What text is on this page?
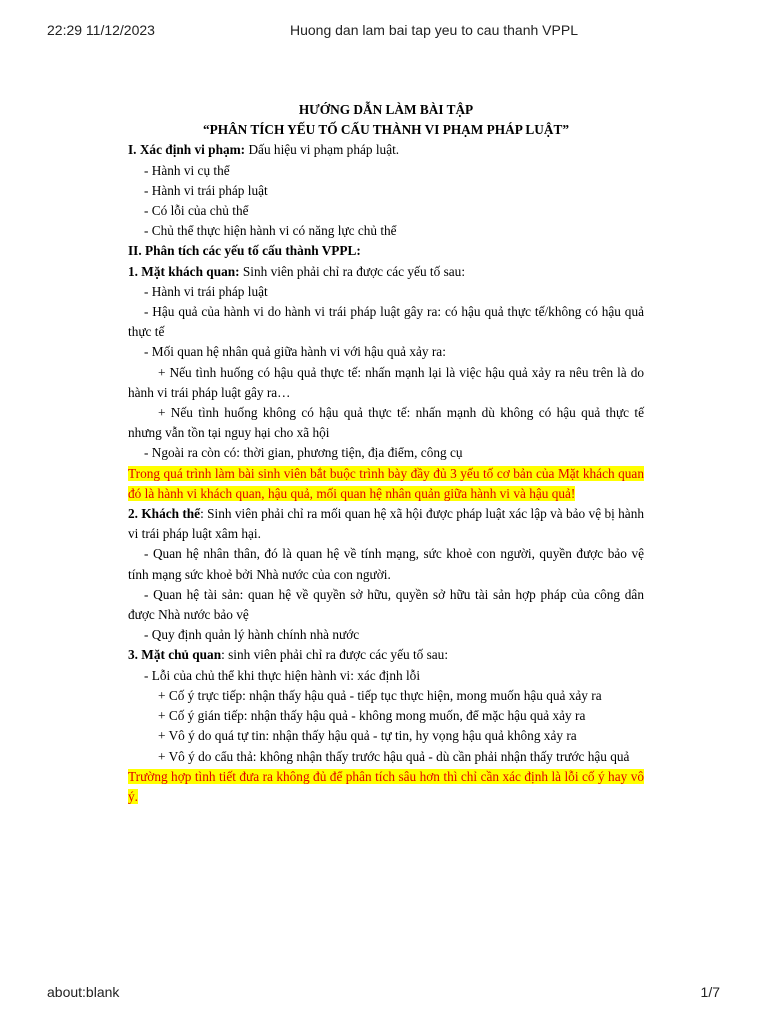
22:29 11/12/2023	Huong dan lam bai tap yeu to cau thanh VPPL
HƯỚNG DẪN LÀM BÀI TẬP
“PHÂN TÍCH YẾU TỐ CẤU THÀNH VI PHẠM PHÁP LUẬT”

I. Xác định vi phạm: Dấu hiệu vi phạm pháp luật.

- Hành vi cụ thể

- Hành vi trái pháp luật

- Có lỗi của chủ thể

- Chủ thể thực hiện hành vi có năng lực chủ thể

II. Phân tích các yếu tố cấu thành VPPL:

1. Mặt khách quan: Sinh viên phải chỉ ra được các yếu tố sau:

- Hành vi trái pháp luật

- Hậu quả của hành vi do hành vi trái pháp luật gây ra: có hậu quả thực tế/không có hậu quả thực tế

- Mối quan hệ nhân quả giữa hành vi với hậu quả xảy ra:

+ Nếu tình huống có hậu quả thực tế: nhấn mạnh lại là việc hậu quả xảy ra nêu trên là do hành vi trái pháp luật gây ra…

+ Nếu tình huống không có hậu quả thực tế: nhấn mạnh dù không có hậu quả thực tế nhưng vẫn tồn tại nguy hại cho xã hội

- Ngoài ra còn có: thời gian, phương tiện, địa điểm, công cụ

Trong quá trình làm bài sinh viên bắt buộc trình bày đầy đủ 3 yếu tố cơ bản của Mặt khách quan đó là hành vi khách quan, hậu quả, mối quan hệ nhân quản giữa hành vi và hậu quả!

2. Khách thể: Sinh viên phải chỉ ra mối quan hệ xã hội được pháp luật xác lập và bảo vệ bị hành vi trái pháp luật xâm hại.

- Quan hệ nhân thân, đó là quan hệ về tính mạng, sức khoẻ con người, quyền được bảo vệ tính mạng sức khoẻ bởi Nhà nước của con người.

- Quan hệ tài sản: quan hệ về quyền sở hữu, quyền sở hữu tài sản hợp pháp của công dân được Nhà nước bảo vệ

- Quy định quản lý hành chính nhà nước

3. Mặt chủ quan: sinh viên phải chỉ ra được các yếu tố sau:

- Lỗi của chủ thể khi thực hiện hành vi: xác định lỗi

+ Cố ý trực tiếp: nhận thấy hậu quả - tiếp tục thực hiện, mong muốn hậu quả xảy ra

+ Cố ý gián tiếp: nhận thấy hậu quả - không mong muốn, để mặc hậu quả xảy ra

+ Vô ý do quá tự tin: nhận thấy hậu quả - tự tin, hy vọng hậu quả không xảy ra

+ Vô ý do cẩu thả: không nhận thấy trước hậu quả - dù cần phải nhận thấy trước hậu quả

Trường hợp tình tiết đưa ra không đủ để phân tích sâu hơn thì chỉ cần xác định là lỗi cố ý hay vô ý.

about:blank	1/7
